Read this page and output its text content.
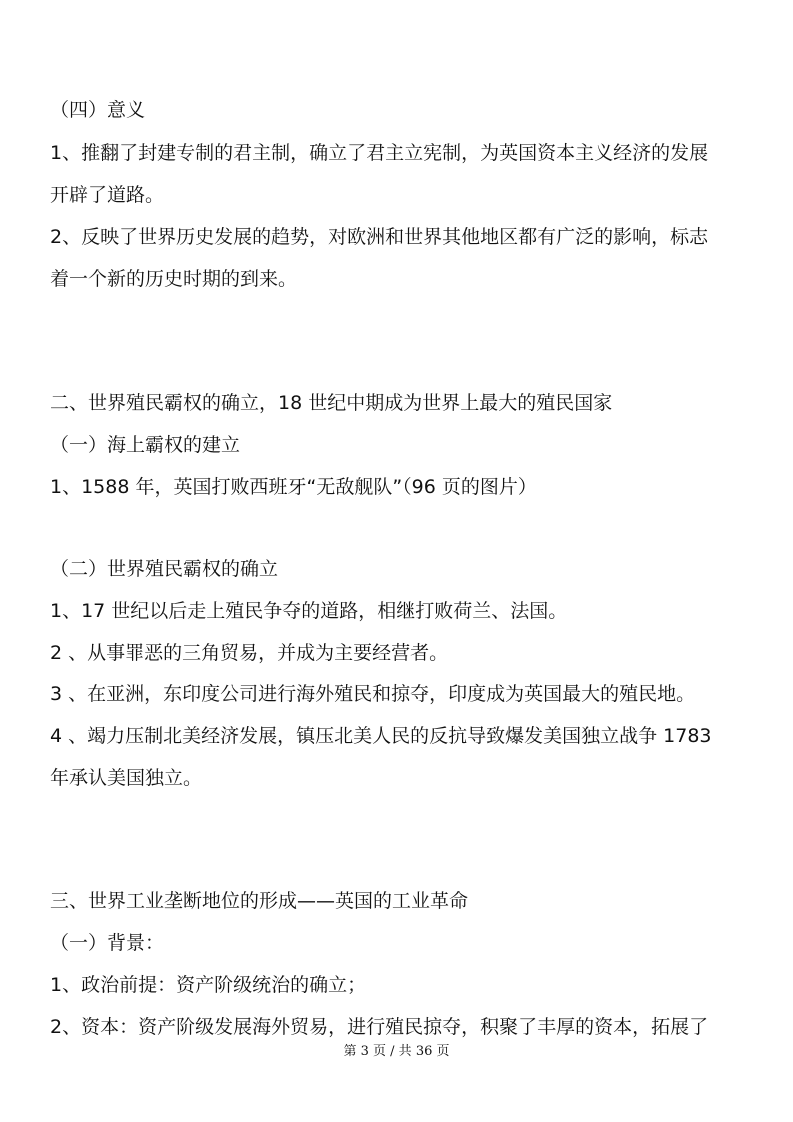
（四）意义
1、推翻了封建专制的君主制，确立了君主立宪制，为英国资本主义经济的发展
开辟了道路。
2、反映了世界历史发展的趋势，对欧洲和世界其他地区都有广泛的影响，标志
着一个新的历史时期的到来。
二、世界殖民霸权的确立，18 世纪中期成为世界上最大的殖民国家
（一）海上霸权的建立
1、1588 年，英国打败西班牙“无敌舰队”（96 页的图片）
（二）世界殖民霸权的确立
1、17 世纪以后走上殖民争夺的道路，相继打败荷兰、法国。
2 、从事罪恶的三角贸易，并成为主要经营者。
3 、在亚洲，东印度公司进行海外殖民和掠夺，印度成为英国最大的殖民地。
4 、竭力压制北美经济发展，镇压北美人民的反抗导致爆发美国独立战争 1783
年承认美国独立。
三、世界工业垄断地位的形成——英国的工业革命
（一）背景：
1、政治前提：资产阶级统治的确立；
2、资本：资产阶级发展海外贸易，进行殖民掠夺，积聚了丰厚的资本，拓展了
第 3 页 / 共 36 页
